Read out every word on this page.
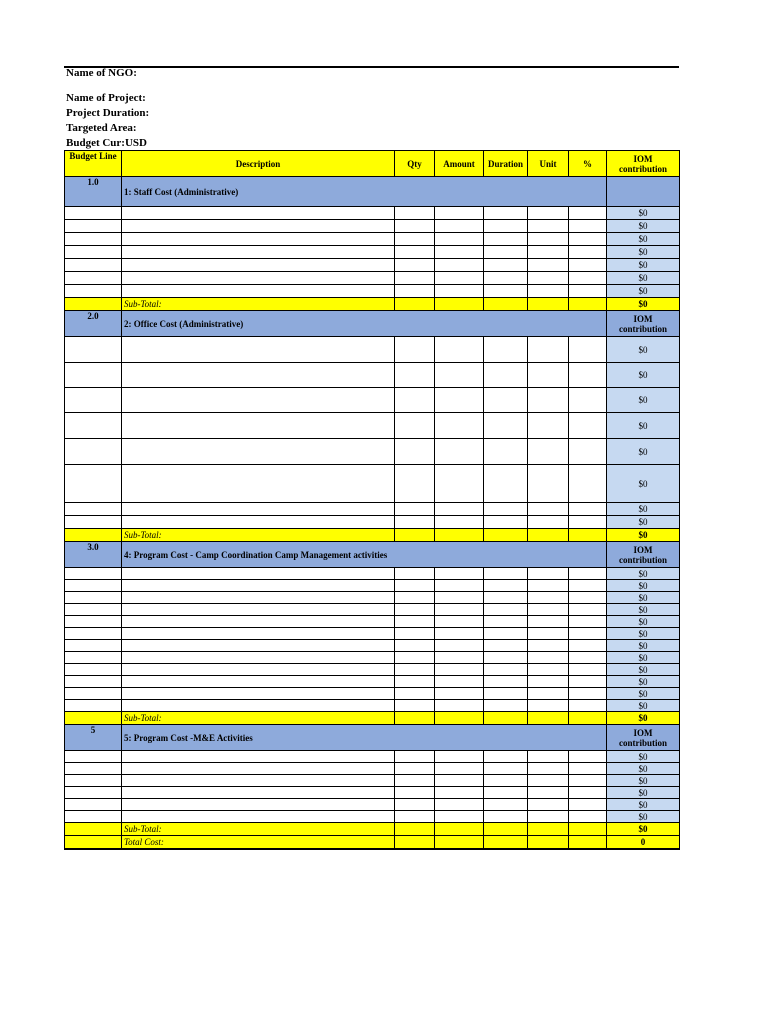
Name of NGO:
Name of Project:
Project Duration:
Targeted Area:
Budget Cur:USD
Budget Line	Description	Qty	Amount	Duration	Unit	%	IOM contribution
1.0	1: Staff Cost (Administrative)						
							$0
							$0
							$0
							$0
							$0
							$0
							$0
	Sub-Total:						$0
2.0	2: Office Cost (Administrative)						IOM contribution
							$0
							$0
							$0
							$0
							$0
							$0
							$0
							$0
	Sub-Total:						$0
3.0	4: Program Cost - Camp Coordination Camp Management activities						IOM contribution
							$0
							$0
							$0
							$0
							$0
							$0
							$0
							$0
							$0
							$0
							$0
							$0
	Sub-Total:						$0
5	5: Program Cost -M&E Activities						IOM contribution
							$0
							$0
							$0
							$0
							$0
							$0
	Sub-Total:						$0
	Total Cost:						0
